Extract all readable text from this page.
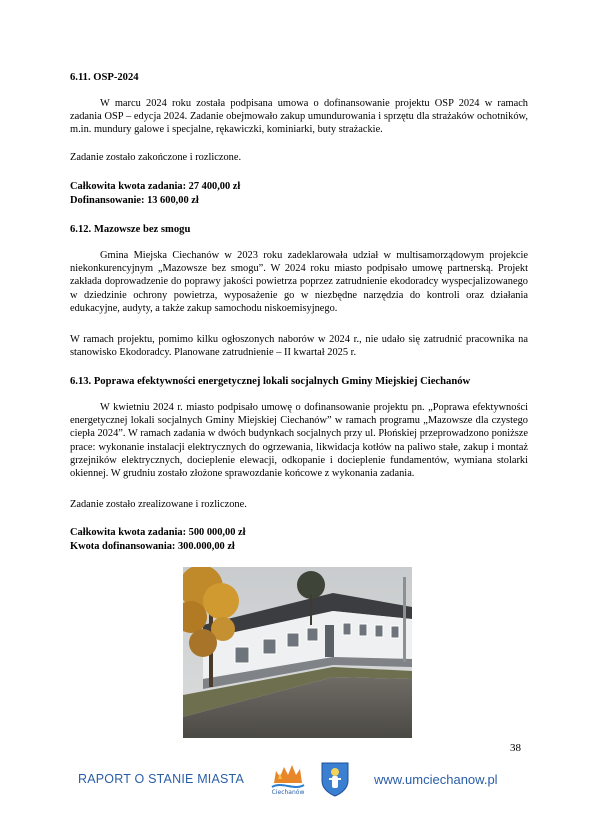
6.11. OSP-2024
W marcu 2024 roku została podpisana umowa o dofinansowanie projektu OSP 2024 w ramach zadania OSP – edycja 2024. Zadanie obejmowało zakup umundurowania i sprzętu dla strażaków ochotników, m.in. mundury galowe i specjalne, rękawiczki, kominiarki, buty strażackie.
Zadanie zostało zakończone i rozliczone.
Całkowita kwota zadania: 27 400,00 zł
Dofinansowanie: 13 600,00 zł
6.12. Mazowsze bez smogu
Gmina Miejska Ciechanów w 2023 roku zadeklarowała udział w multisamorządowym projekcie niekonkurencyjnym „Mazowsze bez smogu”. W 2024 roku miasto podpisało umowę partnerską. Projekt zakłada doprowadzenie do poprawy jakości powietrza poprzez zatrudnienie ekodoradcy wyspecjalizowanego w dziedzinie ochrony powietrza, wyposażenie go w niezbędne narzędzia do kontroli oraz działania edukacyjne, audyty, a także zakup samochodu niskoemisyjnego.
W ramach projektu, pomimo kilku ogłoszonych naborów w 2024 r., nie udało się zatrudnić pracownika na stanowisko Ekodoradcy. Planowane zatrudnienie – II kwartał 2025 r.
6.13. Poprawa efektywności energetycznej lokali socjalnych Gminy Miejskiej Ciechanów
W kwietniu 2024 r. miasto podpisało umowę o dofinansowanie projektu pn. „Poprawa efektywności energetycznej lokali socjalnych Gminy Miejskiej Ciechanów” w ramach programu „Mazowsze dla czystego ciepła 2024”. W ramach zadania w dwóch budynkach socjalnych przy ul. Płońskiej przeprowadzono poniższe prace: wykonanie instalacji elektrycznych do ogrzewania, likwidacja kotłów na paliwo stałe, zakup i montaż grzejników elektrycznych, docieplenie elewacji, odkopanie i docieplenie fundamentów, wymiana stolarki okiennej. W grudniu zostało złożone sprawozdanie końcowe z wykonania zadania.
Zadanie zostało zrealizowane i rozliczone.
Całkowita kwota zadania: 500 000,00 zł
Kwota dofinansowania: 300.000,00 zł
38
RAPORT O STANIE MIASTA
Ciechanów
www.umciechanow.pl
